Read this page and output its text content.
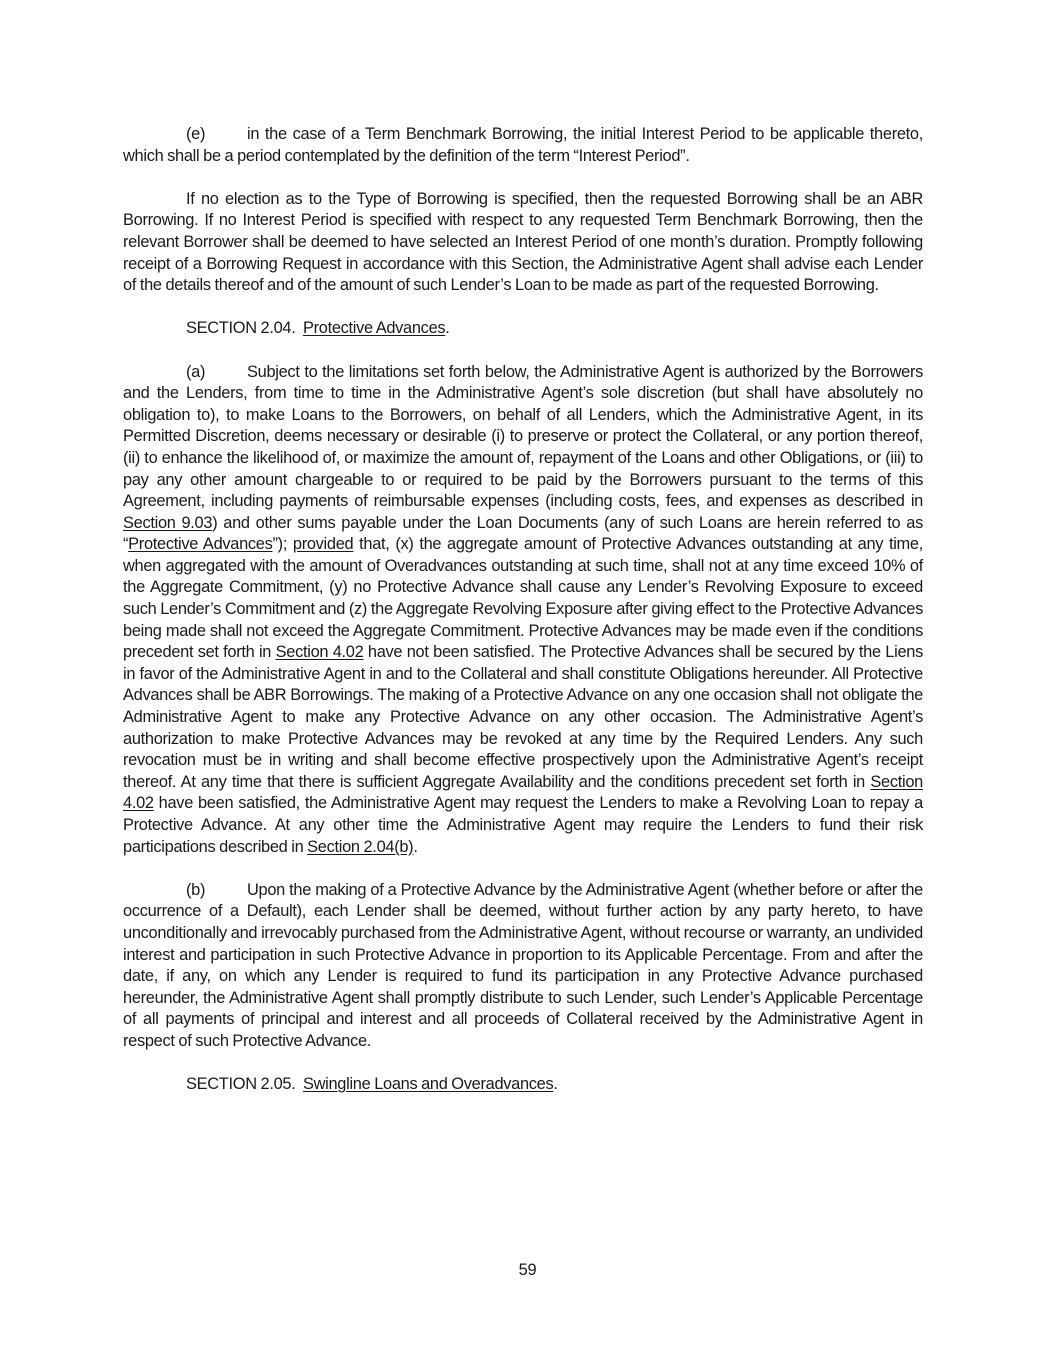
(e)	in the case of a Term Benchmark Borrowing, the initial Interest Period to be applicable thereto, which shall be a period contemplated by the definition of the term “Interest Period”.

If no election as to the Type of Borrowing is specified, then the requested Borrowing shall be an ABR Borrowing. If no Interest Period is specified with respect to any requested Term Benchmark Borrowing, then the relevant Borrower shall be deemed to have selected an Interest Period of one month’s duration. Promptly following receipt of a Borrowing Request in accordance with this Section, the Administrative Agent shall advise each Lender of the details thereof and of the amount of such Lender’s Loan to be made as part of the requested Borrowing.

SECTION 2.04. Protective Advances.

(a)	Subject to the limitations set forth below, the Administrative Agent is authorized by the Borrowers and the Lenders, from time to time in the Administrative Agent’s sole discretion (but shall have absolutely no obligation to), to make Loans to the Borrowers, on behalf of all Lenders, which the Administrative Agent, in its Permitted Discretion, deems necessary or desirable (i) to preserve or protect the Collateral, or any portion thereof, (ii) to enhance the likelihood of, or maximize the amount of, repayment of the Loans and other Obligations, or (iii) to pay any other amount chargeable to or required to be paid by the Borrowers pursuant to the terms of this Agreement, including payments of reimbursable expenses (including costs, fees, and expenses as described in Section 9.03) and other sums payable under the Loan Documents (any of such Loans are herein referred to as “Protective Advances”); provided that, (x) the aggregate amount of Protective Advances outstanding at any time, when aggregated with the amount of Overadvances outstanding at such time, shall not at any time exceed 10% of the Aggregate Commitment, (y) no Protective Advance shall cause any Lender’s Revolving Exposure to exceed such Lender’s Commitment and (z) the Aggregate Revolving Exposure after giving effect to the Protective Advances being made shall not exceed the Aggregate Commitment. Protective Advances may be made even if the conditions precedent set forth in Section 4.02 have not been satisfied. The Protective Advances shall be secured by the Liens in favor of the Administrative Agent in and to the Collateral and shall constitute Obligations hereunder. All Protective Advances shall be ABR Borrowings. The making of a Protective Advance on any one occasion shall not obligate the Administrative Agent to make any Protective Advance on any other occasion. The Administrative Agent’s authorization to make Protective Advances may be revoked at any time by the Required Lenders. Any such revocation must be in writing and shall become effective prospectively upon the Administrative Agent’s receipt thereof. At any time that there is sufficient Aggregate Availability and the conditions precedent set forth in Section 4.02 have been satisfied, the Administrative Agent may request the Lenders to make a Revolving Loan to repay a Protective Advance. At any other time the Administrative Agent may require the Lenders to fund their risk participations described in Section 2.04(b).

(b)	Upon the making of a Protective Advance by the Administrative Agent (whether before or after the occurrence of a Default), each Lender shall be deemed, without further action by any party hereto, to have unconditionally and irrevocably purchased from the Administrative Agent, without recourse or warranty, an undivided interest and participation in such Protective Advance in proportion to its Applicable Percentage. From and after the date, if any, on which any Lender is required to fund its participation in any Protective Advance purchased hereunder, the Administrative Agent shall promptly distribute to such Lender, such Lender’s Applicable Percentage of all payments of principal and interest and all proceeds of Collateral received by the Administrative Agent in respect of such Protective Advance.

SECTION 2.05. Swingline Loans and Overadvances.

59
